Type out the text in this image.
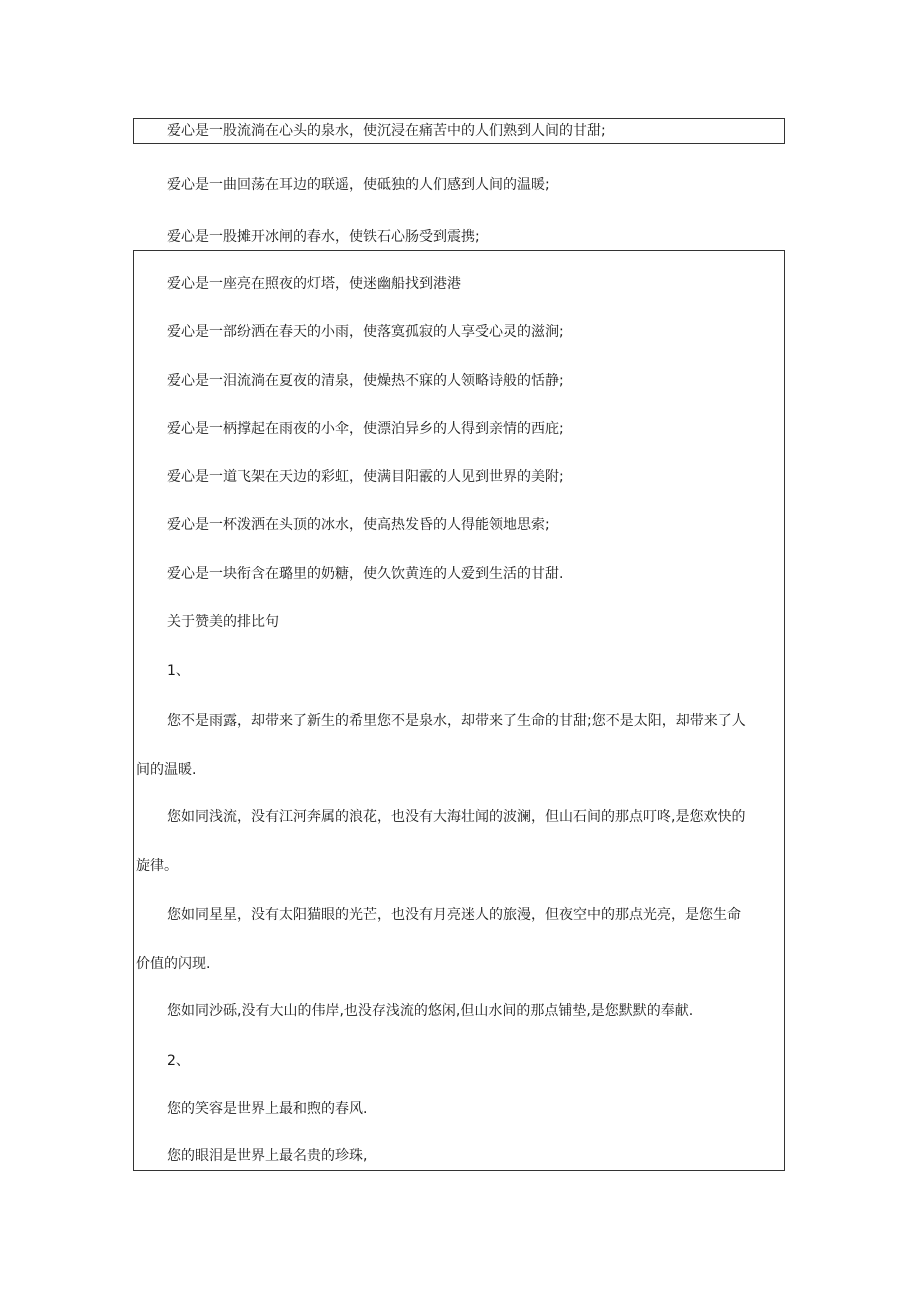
爱心是一股流淌在心头的泉水，使沉浸在痛苦中的人们熟到人间的甘甜;
爱心是一曲回荡在耳边的联遥，使砥独的人们感到人间的温暖;
爱心是一股摊开冰闸的春水，使铁石心肠受到震携;
爱心是一座亮在照夜的灯塔，使迷幽船找到港港
爱心是一部纷洒在春天的小雨，使落寞孤寂的人享受心灵的滋涧;
爱心是一泪流淌在夏夜的清泉，使燥热不寐的人领略诗般的恬静;
爱心是一柄撑起在雨夜的小伞，使漂泊异乡的人得到亲情的西庇;
爱心是一道飞架在天边的彩虹，使满目阳霰的人见到世界的美附;
爱心是一杯泼洒在头顶的冰水，使高热发昏的人得能领地思索;
爱心是一块衔含在璐里的奶糖，使久饮黄连的人爱到生活的甘甜.
关于赞美的排比句
1、
您不是雨露，却带来了新生的希里您不是泉水，却带来了生命的甘甜;您不是太阳，却带来了人
间的温暖.
您如同浅流，没有江河奔属的浪花，也没有大海壮闻的波澜，但山石间的那点叮咚,是您欢快的
旋律。
您如同星星，没有太阳猫眼的光芒，也没有月亮迷人的旅漫，但夜空中的那点光亮，是您生命
价值的闪现.
您如同沙砾,没有大山的伟岸,也没存浅流的悠闲,但山水间的那点铺垫,是您默默的奉献.
2、
您的笑容是世界上最和煦的春风.
您的眼泪是世界上最名贵的珍珠,
